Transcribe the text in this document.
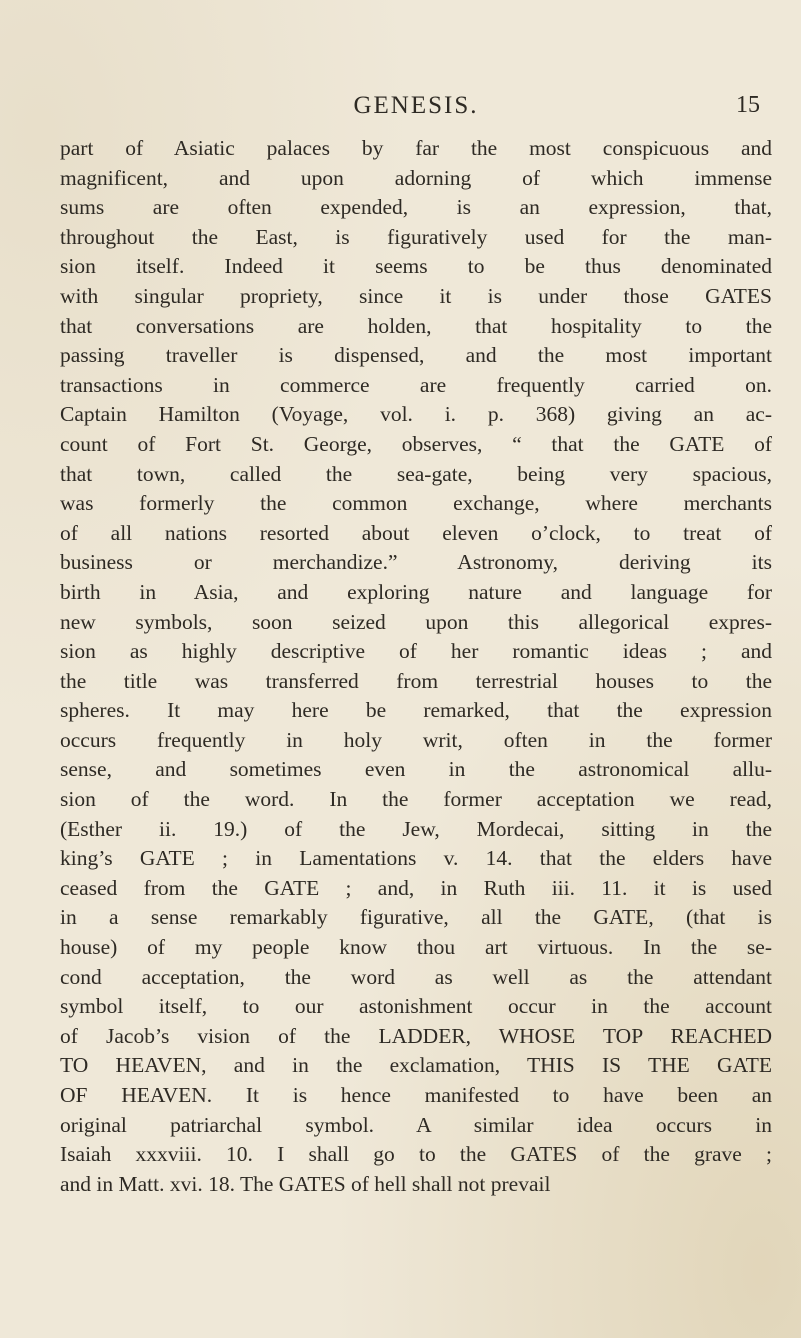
GENESIS.	15
part of Asiatic palaces by far the most conspicuous and
magnificent, and upon adorning of which immense
sums are often expended, is an expression, that,
throughout the East, is figuratively used for the man-
sion itself. Indeed it seems to be thus denominated
with singular propriety, since it is under those GATES
that conversations are holden, that hospitality to the
passing traveller is dispensed, and the most important
transactions in commerce are frequently carried on.
Captain Hamilton (Voyage, vol. i. p. 368) giving an ac-
count of Fort St. George, observes, “ that the GATE of
that town, called the sea-gate, being very spacious,
was formerly the common exchange, where merchants
of all nations resorted about eleven o’clock, to treat of
business or merchandize.” Astronomy, deriving its
birth in Asia, and exploring nature and language for
new symbols, soon seized upon this allegorical expres-
sion as highly descriptive of her romantic ideas ; and
the title was transferred from terrestrial houses to the
spheres. It may here be remarked, that the expression
occurs frequently in holy writ, often in the former
sense, and sometimes even in the astronomical allu-
sion of the word. In the former acceptation we read,
(Esther ii. 19.) of the Jew, Mordecai, sitting in the
king’s GATE ; in Lamentations v. 14. that the elders have
ceased from the GATE ; and, in Ruth iii. 11. it is used
in a sense remarkably figurative, all the GATE, (that is
house) of my people know thou art virtuous. In the se-
cond acceptation, the word as well as the attendant
symbol itself, to our astonishment occur in the account
of Jacob’s vision of the LADDER, WHOSE TOP REACHED
TO HEAVEN, and in the exclamation, THIS IS THE GATE
OF HEAVEN. It is hence manifested to have been an
original patriarchal symbol. A similar idea occurs in
Isaiah xxxviii. 10. I shall go to the GATES of the grave ;
and in Matt. xvi. 18. The GATES of hell shall not prevail
